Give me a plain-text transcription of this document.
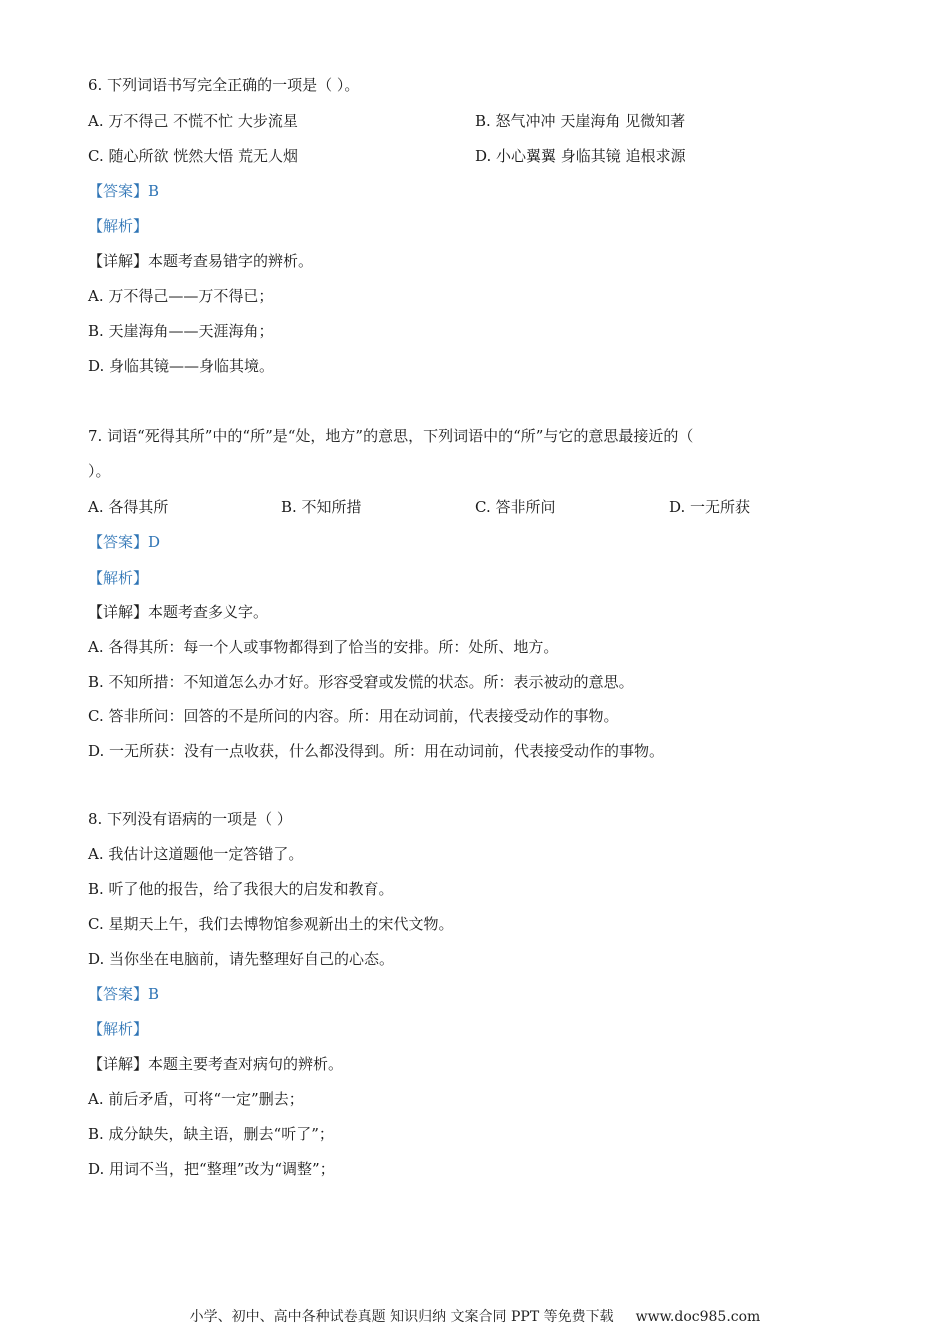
6. 下列词语书写完全正确的一项是（ ）。
A. 万不得己 不慌不忙 大步流星	B. 怒气冲冲 天崖海角 见微知著
C. 随心所欲 恍然大悟 荒无人烟	D. 小心翼翼 身临其镜 追根求源
【答案】B
【解析】
【详解】本题考查易错字的辨析。
A. 万不得己——万不得已；
B. 天崖海角——天涯海角；
D. 身临其镜——身临其境。
7. 词语“死得其所”中的“所”是“处，地方”的意思，下列词语中的“所”与它的意思最接近的（
）。
A. 各得其所	B. 不知所措	C. 答非所问	D. 一无所获
【答案】D
【解析】
【详解】本题考查多义字。
A. 各得其所：每一个人或事物都得到了恰当的安排。所：处所、地方。
B. 不知所措：不知道怎么办才好。形容受窘或发慌的状态。所：表示被动的意思。
C. 答非所问：回答的不是所问的内容。所：用在动词前，代表接受动作的事物。
D. 一无所获：没有一点收获，什么都没得到。所：用在动词前，代表接受动作的事物。
8. 下列没有语病的一项是（ ）
A. 我估计这道题他一定答错了。
B. 听了他的报告，给了我很大的启发和教育。
C. 星期天上午，我们去博物馆参观新出土的宋代文物。
D. 当你坐在电脑前，请先整理好自己的心态。
【答案】B
【解析】
【详解】本题主要考查对病句的辨析。
A. 前后矛盾，可将“一定”删去；
B. 成分缺失，缺主语，删去“听了”；
D. 用词不当，把“整理”改为“调整”；
小学、初中、高中各种试卷真题 知识归纳 文案合同 PPT 等免费下载 www.doc985.com
